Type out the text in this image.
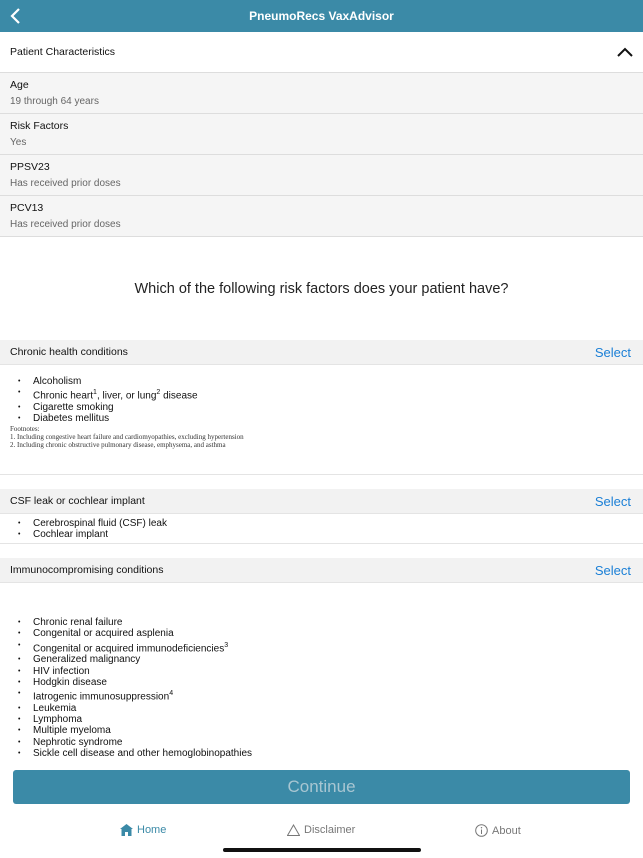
PneumoRecs VaxAdvisor
Patient Characteristics
Age
19 through 64 years
Risk Factors
Yes
PPSV23
Has received prior doses
PCV13
Has received prior doses
Which of the following risk factors does your patient have?
Chronic health conditions	Select
• Alcoholism
• Chronic heart$^1$, liver, or lung$^2$ disease
• Cigarette smoking
• Diabetes mellitus
Footnotes:
1. Including congestive heart failure and cardiomyopathies, excluding hypertension
2. Including chronic obstructive pulmonary disease, emphysema, and asthma
CSF leak or cochlear implant	Select
• Cerebrospinal fluid (CSF) leak
• Cochlear implant
Immunocompromising conditions	Select
• Chronic renal failure
• Congenital or acquired asplenia
• Congenital or acquired immunodeficiencies$^3$
• Generalized malignancy
• HIV infection
• Hodgkin disease
• Iatrogenic immunosuppression$^4$
• Leukemia
• Lymphoma
• Multiple myeloma
• Nephrotic syndrome
• Sickle cell disease and other hemoglobinopathies
Continue
Home	Disclaimer	About
